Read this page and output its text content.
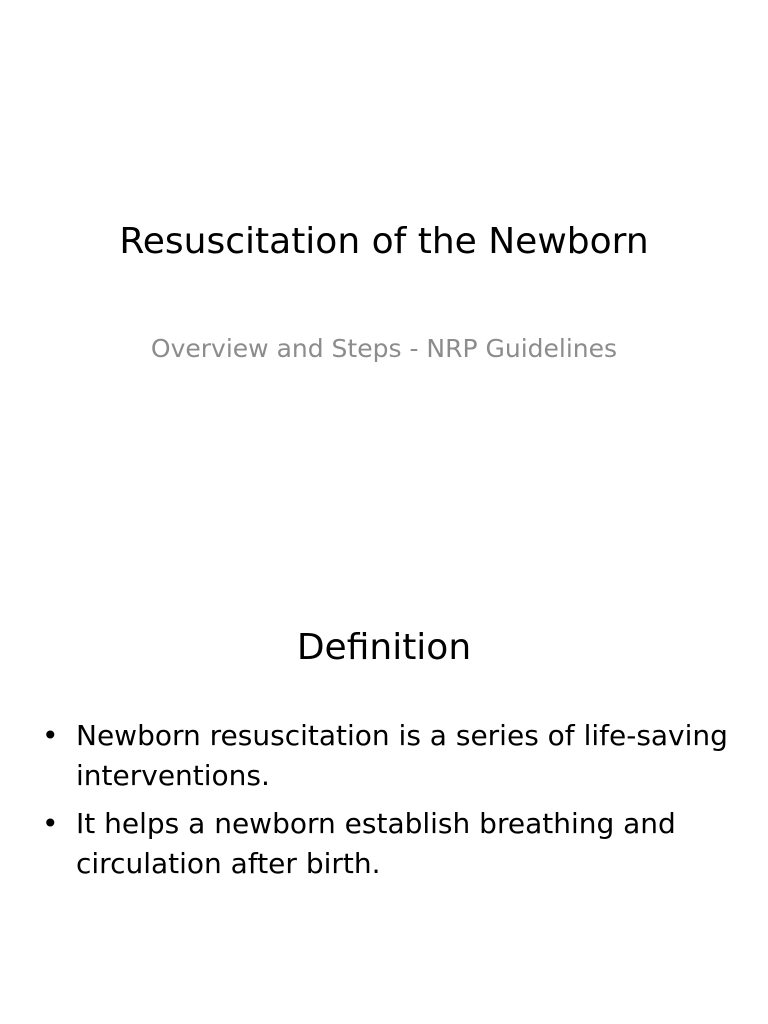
Resuscitation of the Newborn

Overview and Steps - NRP Guidelines

Definition
• Newborn resuscitation is a series of life-saving interventions.
• It helps a newborn establish breathing and circulation after birth.
